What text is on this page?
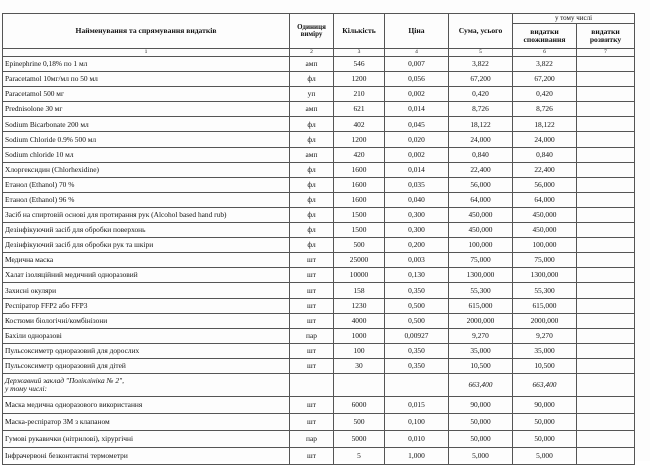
Найменування та спрямування видатків	Одиниця виміру	Кількість	Ціна	Сума, усього	у тому числі	
					видатки споживання	видатки розвитку
1	2	3	4	5	6	7
Epinephrine 0,18% по 1 мл	амп	546	0,007	3,822	3,822	
Paracetamol 10мг/мл по 50 мл	фл	1200	0,056	67,200	67,200	
Paracetamol 500 мг	уп	210	0,002	0,420	0,420	
Prednisolone 30 мг	амп	621	0,014	8,726	8,726	
Sodium Bicarbonate 200 мл	фл	402	0,045	18,122	18,122	
Sodium Chloride 0.9% 500 мл	фл	1200	0,020	24,000	24,000	
Sodium chloride 10 мл	амп	420	0,002	0,840	0,840	
Хлоргексидин (Chlorhexidine)	фл	1600	0,014	22,400	22,400	
Етанол (Ethanol) 70 %	фл	1600	0,035	56,000	56,000	
Етанол (Ethanol) 96 %	фл	1600	0,040	64,000	64,000	
Засіб на спиртовій основі для протирання рук (Alcohol based hand rub)	фл	1500	0,300	450,000	450,000	
Дезінфікуючий засіб для обробки поверхонь	фл	1500	0,300	450,000	450,000	
Дезінфікуючий засіб для обробки рук та шкіри	фл	500	0,200	100,000	100,000	
Медична маска	шт	25000	0,003	75,000	75,000	
Халат ізоляційний медичний одноразовий	шт	10000	0,130	1300,000	1300,000	
Захисні окуляри	шт	158	0,350	55,300	55,300	
Респіратор FFP2 або FFP3	шт	1230	0,500	615,000	615,000	
Костюми біологічні/комбінізони	шт	4000	0,500	2000,000	2000,000	
Бахіли одноразові	пар	1000	0,00927	9,270	9,270	
Пульсоксиметр одноразовий для дорослих	шт	100	0,350	35,000	35,000	
Пульсоксиметр одноразовий для дітей	шт	30	0,350	10,500	10,500	
Державний заклад "Поліклініка № 2",
у тому числі:				663,400	663,400	
Маска медична одноразового використання	шт	6000	0,015	90,000	90,000	
Маска-респіратор 3М з клапаном	шт	500	0,100	50,000	50,000	
Гумові рукавички (нітрилові), хірургічні	пар	5000	0,010	50,000	50,000	
Інфрачервоні безконтактні термометри	шт	5	1,000	5,000	5,000	
